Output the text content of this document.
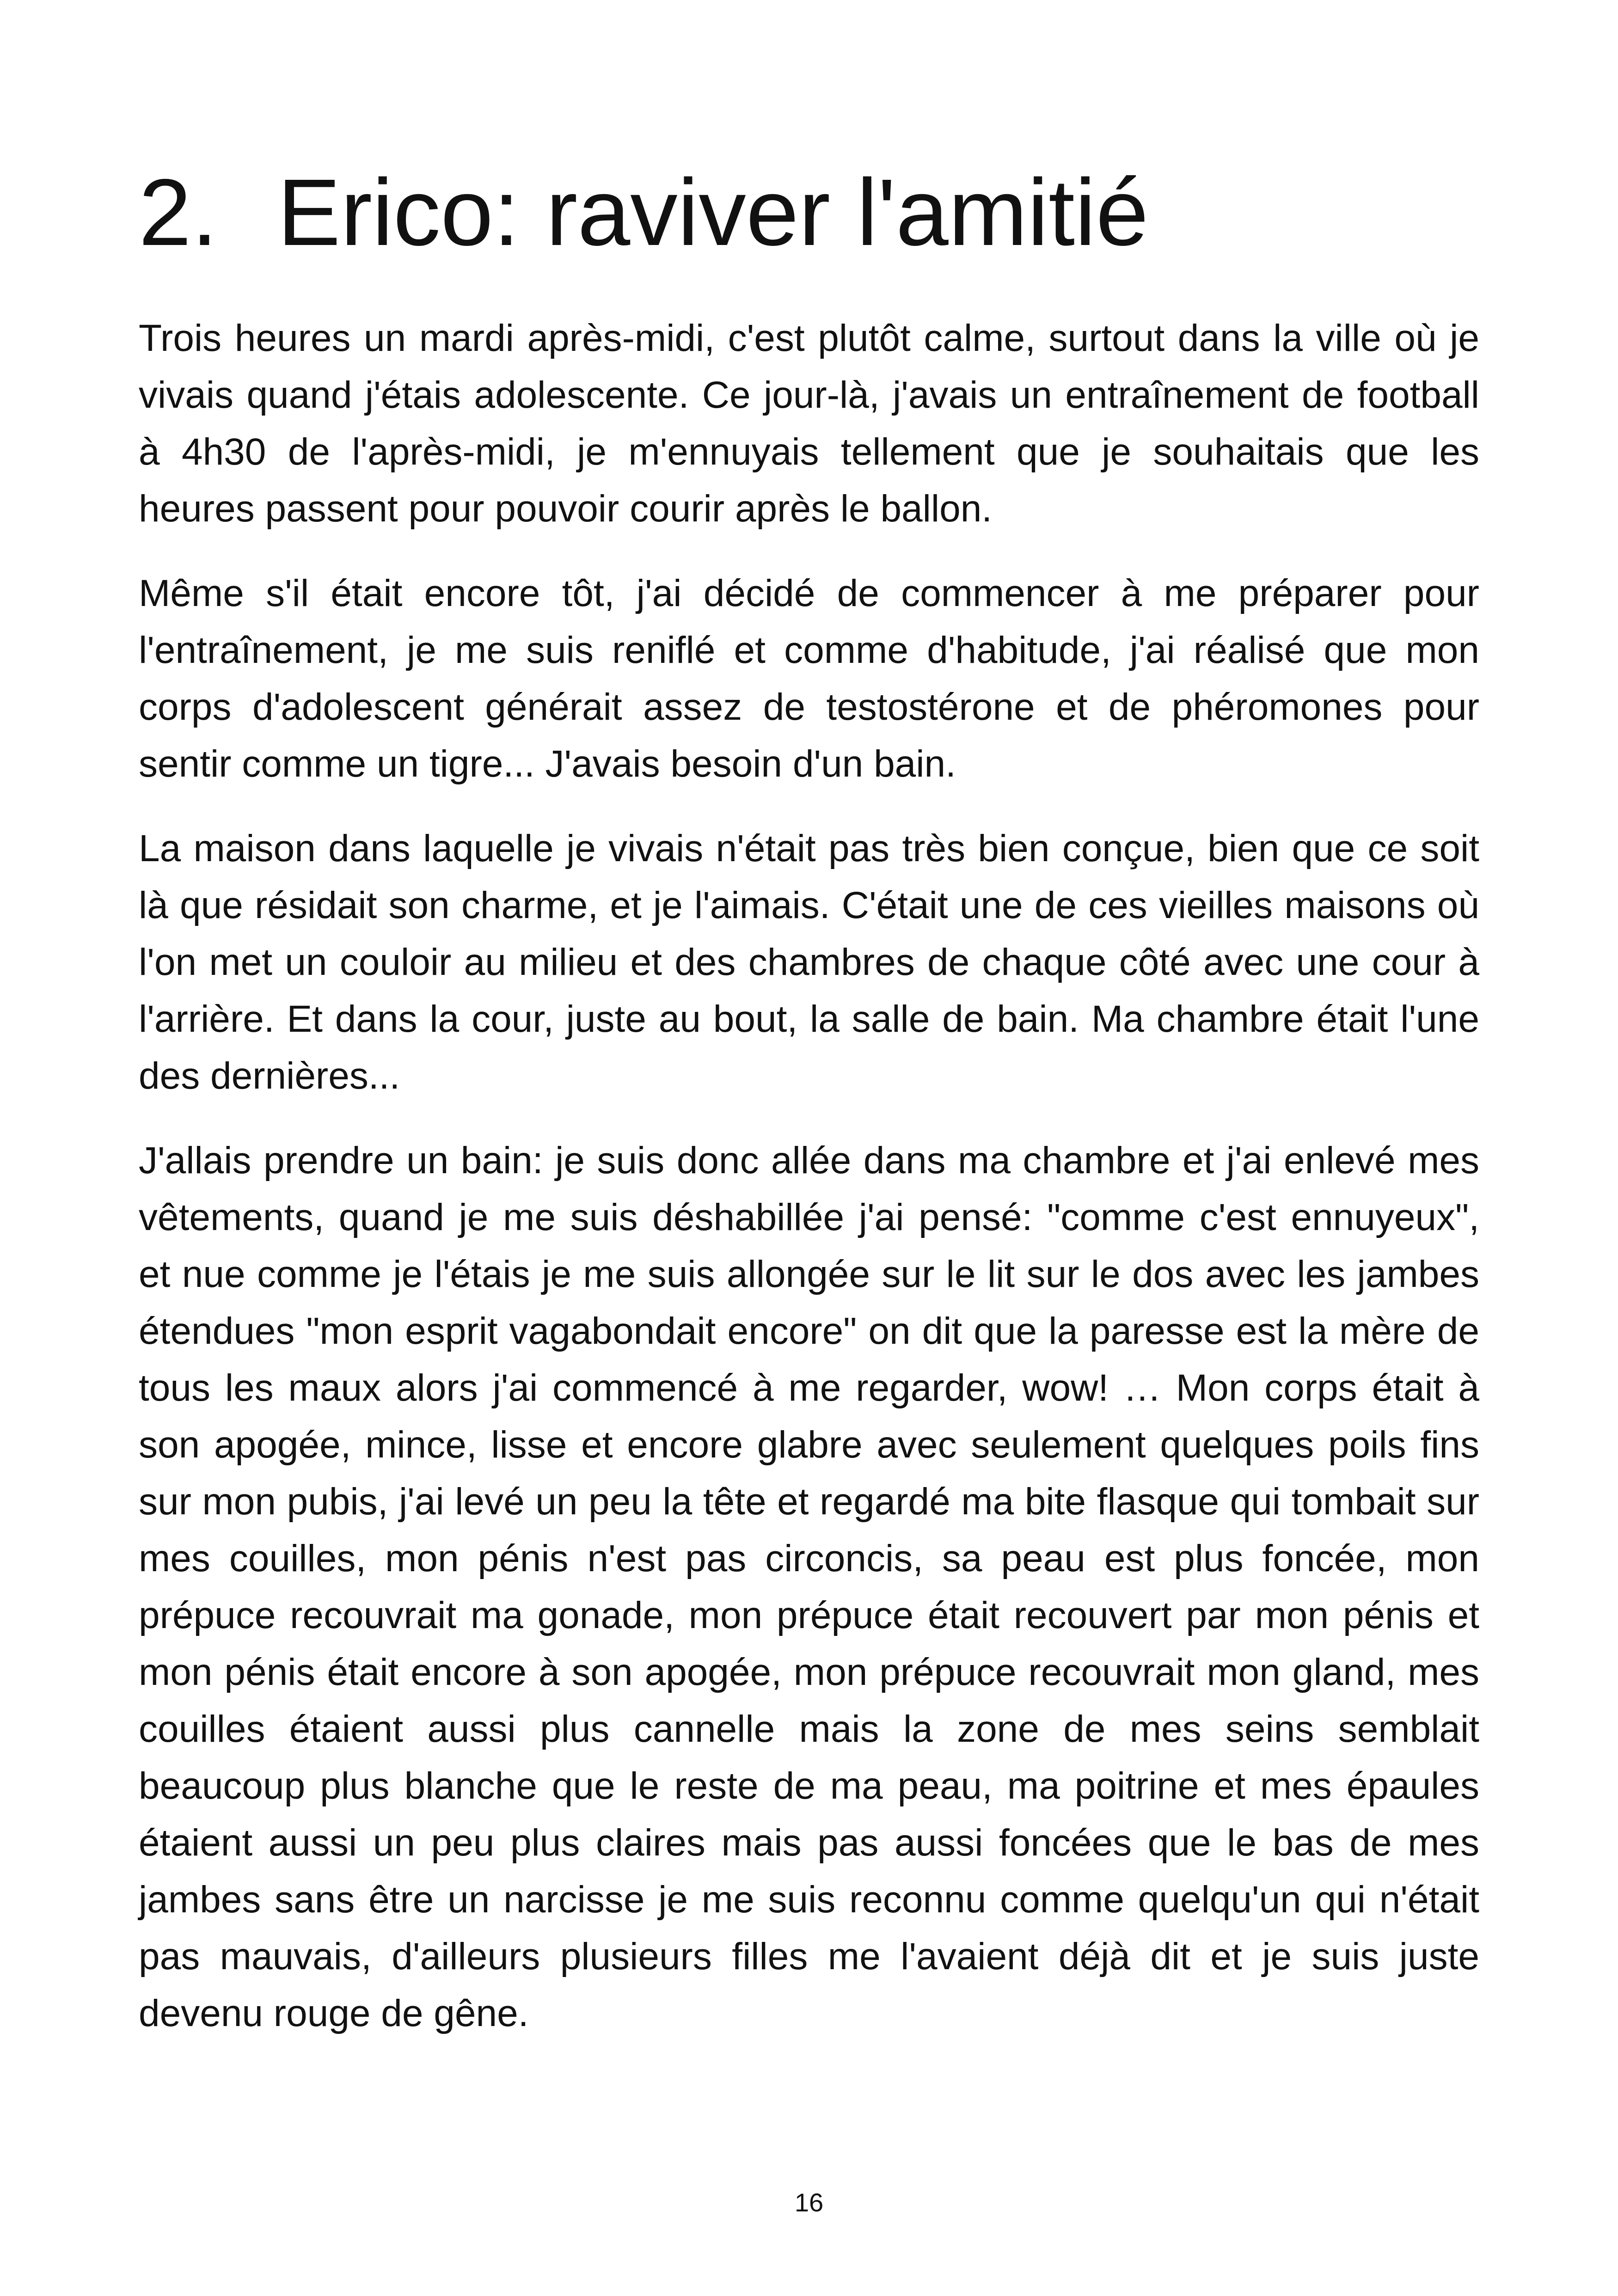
2. Erico: raviver l'amitié

Trois heures un mardi après-midi, c'est plutôt calme, surtout dans la ville où je vivais quand j'étais adolescente. Ce jour-là, j'avais un entraînement de football à 4h30 de l'après-midi, je m'ennuyais tellement que je souhaitais que les heures passent pour pouvoir courir après le ballon.

Même s'il était encore tôt, j'ai décidé de commencer à me préparer pour l'entraînement, je me suis reniflé et comme d'habitude, j'ai réalisé que mon corps d'adolescent générait assez de testostérone et de phéromones pour sentir comme un tigre... J'avais besoin d'un bain.

La maison dans laquelle je vivais n'était pas très bien conçue, bien que ce soit là que résidait son charme, et je l'aimais. C'était une de ces vieilles maisons où l'on met un couloir au milieu et des chambres de chaque côté avec une cour à l'arrière. Et dans la cour, juste au bout, la salle de bain. Ma chambre était l'une des dernières...

J'allais prendre un bain: je suis donc allée dans ma chambre et j'ai enlevé mes vêtements, quand je me suis déshabillée j'ai pensé: "comme c'est ennuyeux", et nue comme je l'étais je me suis allongée sur le lit sur le dos avec les jambes étendues "mon esprit vagabondait encore" on dit que la paresse est la mère de tous les maux alors j'ai commencé à me regarder, wow! … Mon corps était à son apogée, mince, lisse et encore glabre avec seulement quelques poils fins sur mon pubis, j'ai levé un peu la tête et regardé ma bite flasque qui tombait sur mes couilles, mon pénis n'est pas circoncis, sa peau est plus foncée, mon prépuce recouvrait ma gonade, mon prépuce était recouvert par mon pénis et mon pénis était encore à son apogée, mon prépuce recouvrait mon gland, mes couilles étaient aussi plus cannelle mais la zone de mes seins semblait beaucoup plus blanche que le reste de ma peau, ma poitrine et mes épaules étaient aussi un peu plus claires mais pas aussi foncées que le bas de mes jambes sans être un narcisse je me suis reconnu comme quelqu'un qui n'était pas mauvais, d'ailleurs plusieurs filles me l'avaient déjà dit et je suis juste devenu rouge de gêne.

16
